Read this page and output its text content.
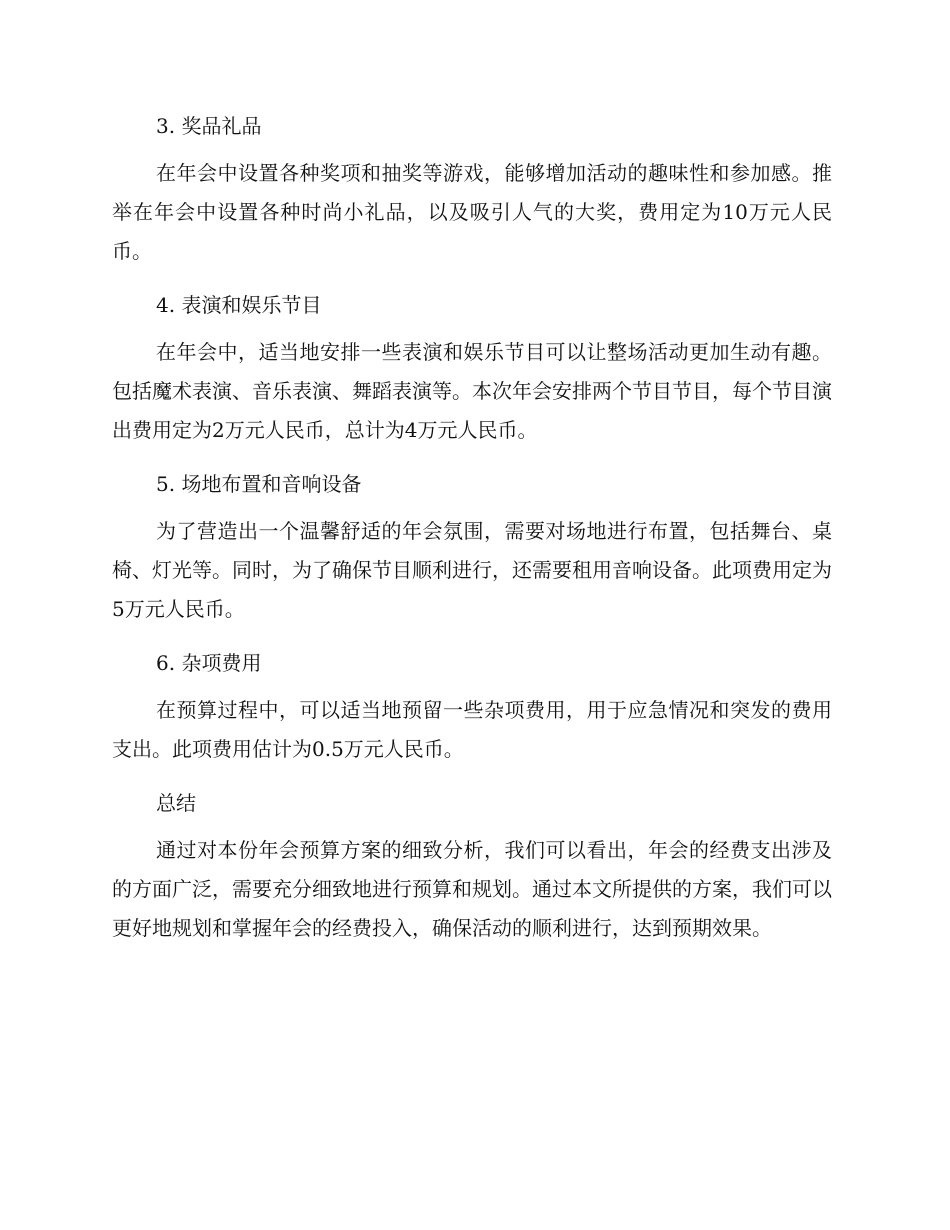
3. 奖品礼品

在年会中设置各种奖项和抽奖等游戏，能够增加活动的趣味性和参加感。推举在年会中设置各种时尚小礼品，以及吸引人气的大奖，费用定为10万元人民币。

4. 表演和娱乐节目

在年会中，适当地安排一些表演和娱乐节目可以让整场活动更加生动有趣。包括魔术表演、音乐表演、舞蹈表演等。本次年会安排两个节目节目，每个节目演出费用定为2万元人民币，总计为4万元人民币。

5. 场地布置和音响设备

为了营造出一个温馨舒适的年会氛围，需要对场地进行布置，包括舞台、桌椅、灯光等。同时，为了确保节目顺利进行，还需要租用音响设备。此项费用定为5万元人民币。

6. 杂项费用

在预算过程中，可以适当地预留一些杂项费用，用于应急情况和突发的费用支出。此项费用估计为0.5万元人民币。

总结

通过对本份年会预算方案的细致分析，我们可以看出，年会的经费支出涉及的方面广泛，需要充分细致地进行预算和规划。通过本文所提供的方案，我们可以更好地规划和掌握年会的经费投入，确保活动的顺利进行，达到预期效果。
